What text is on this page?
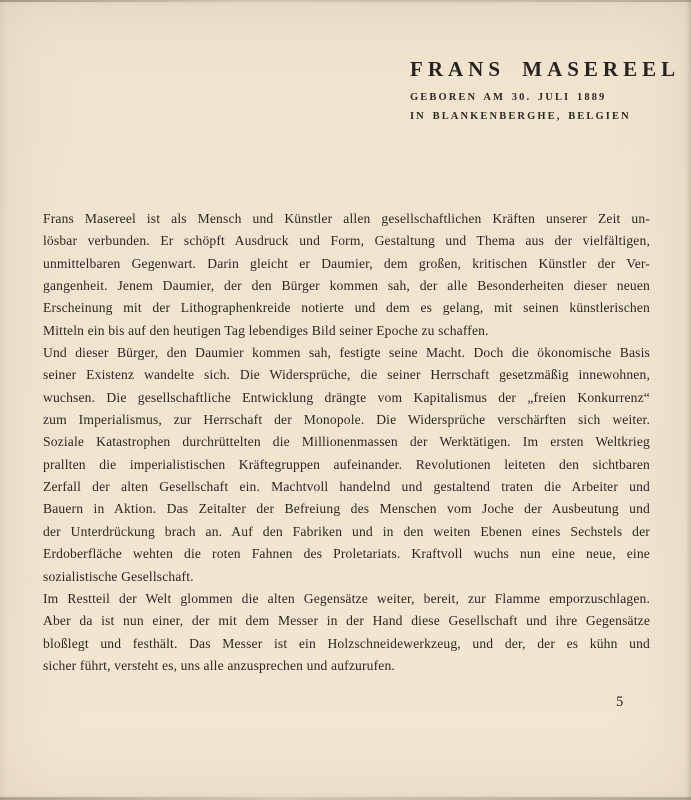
FRANS MASEREEL
GEBOREN AM 30. JULI 1889
IN BLANKENBERGHE, BELGIEN
Frans Masereel ist als Mensch und Künstler allen gesellschaftlichen Kräften unserer Zeit un-
lösbar verbunden. Er schöpft Ausdruck und Form, Gestaltung und Thema aus der vielfältigen,
unmittelbaren Gegenwart. Darin gleicht er Daumier, dem großen, kritischen Künstler der Ver-
gangenheit. Jenem Daumier, der den Bürger kommen sah, der alle Besonderheiten dieser neuen
Erscheinung mit der Lithographenkreide notierte und dem es gelang, mit seinen künstlerischen
Mitteln ein bis auf den heutigen Tag lebendiges Bild seiner Epoche zu schaffen.
Und dieser Bürger, den Daumier kommen sah, festigte seine Macht. Doch die ökonomische Basis
seiner Existenz wandelte sich. Die Widersprüche, die seiner Herrschaft gesetzmäßig innewohnen,
wuchsen. Die gesellschaftliche Entwicklung drängte vom Kapitalismus der „freien Konkurrenz“
zum Imperialismus, zur Herrschaft der Monopole. Die Widersprüche verschärften sich weiter.
Soziale Katastrophen durchrüttelten die Millionenmassen der Werktätigen. Im ersten Weltkrieg
prallten die imperialistischen Kräftegruppen aufeinander. Revolutionen leiteten den sichtbaren
Zerfall der alten Gesellschaft ein. Machtvoll handelnd und gestaltend traten die Arbeiter und
Bauern in Aktion. Das Zeitalter der Befreiung des Menschen vom Joche der Ausbeutung und
der Unterdrückung brach an. Auf den Fabriken und in den weiten Ebenen eines Sechstels der
Erdoberfläche wehten die roten Fahnen des Proletariats. Kraftvoll wuchs nun eine neue, eine
sozialistische Gesellschaft.
Im Restteil der Welt glommen die alten Gegensätze weiter, bereit, zur Flamme emporzuschlagen.
Aber da ist nun einer, der mit dem Messer in der Hand diese Gesellschaft und ihre Gegensätze
bloßlegt und festhält. Das Messer ist ein Holzschneidewerkzeug, und der, der es kühn und
sicher führt, versteht es, uns alle anzusprechen und aufzurufen.
5
